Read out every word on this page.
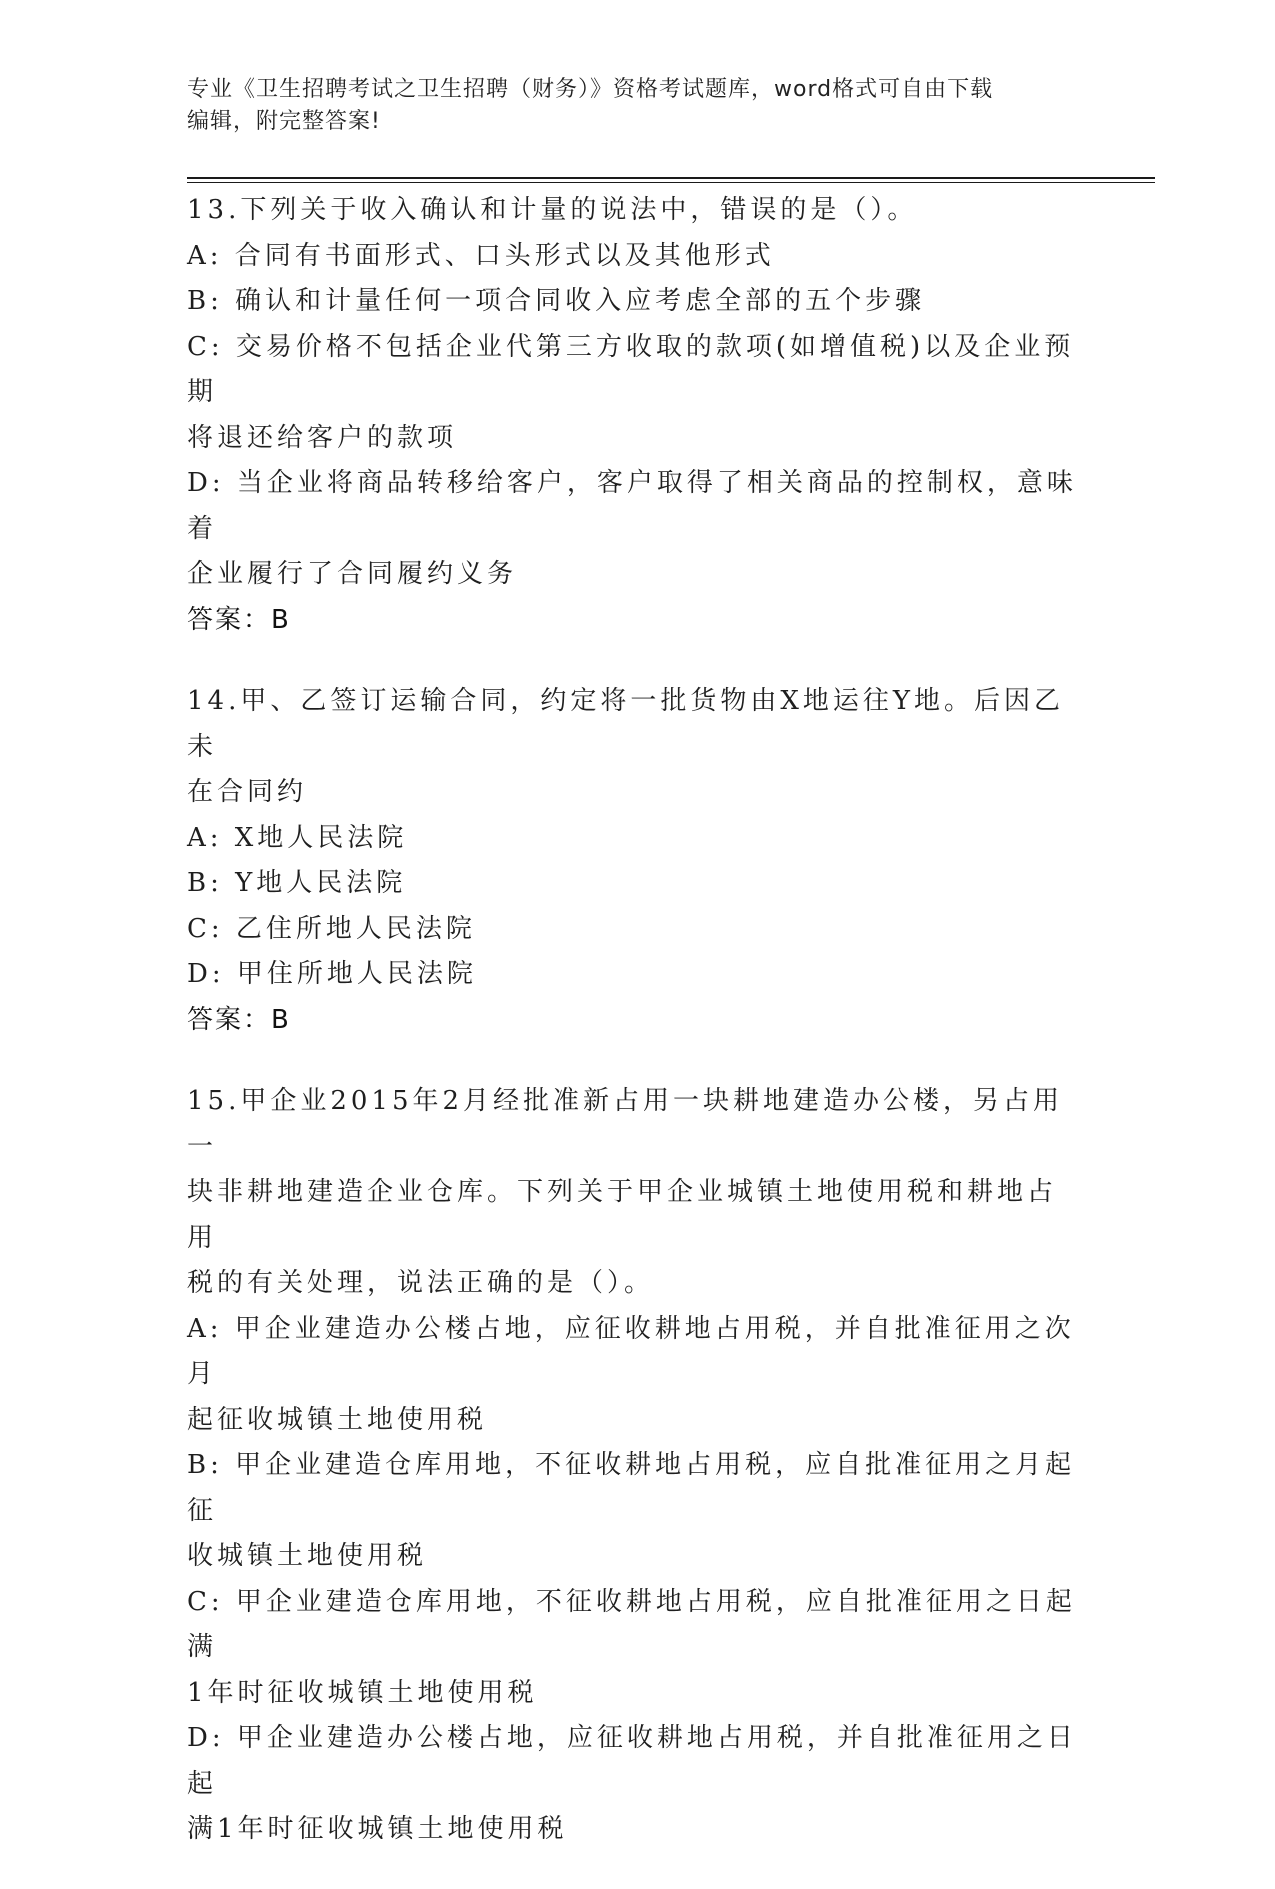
专业《卫生招聘考试之卫生招聘（财务）》资格考试题库，word格式可自由下载
编辑，附完整答案!

13.下列关于收入确认和计量的说法中，错误的是（）。

A: 合同有书面形式、口头形式以及其他形式

B: 确认和计量任何一项合同收入应考虑全部的五个步骤

C: 交易价格不包括企业代第三方收取的款项(如增值税)以及企业预期

将退还给客户的款项

D: 当企业将商品转移给客户，客户取得了相关商品的控制权，意味着

企业履行了合同履约义务

答案：B

14.甲、乙签订运输合同，约定将一批货物由X地运往Y地。后因乙未

在合同约

A: X地人民法院

B: Y地人民法院

C: 乙住所地人民法院

D: 甲住所地人民法院

答案：B

15.甲企业2015年2月经批准新占用一块耕地建造办公楼，另占用一

块非耕地建造企业仓库。下列关于甲企业城镇土地使用税和耕地占用

税的有关处理，说法正确的是（）。

A: 甲企业建造办公楼占地，应征收耕地占用税，并自批准征用之次月

起征收城镇土地使用税

B: 甲企业建造仓库用地，不征收耕地占用税，应自批准征用之月起征

收城镇土地使用税

C: 甲企业建造仓库用地，不征收耕地占用税，应自批准征用之日起满

1年时征收城镇土地使用税

D: 甲企业建造办公楼占地，应征收耕地占用税，并自批准征用之日起

满1年时征收城镇土地使用税
